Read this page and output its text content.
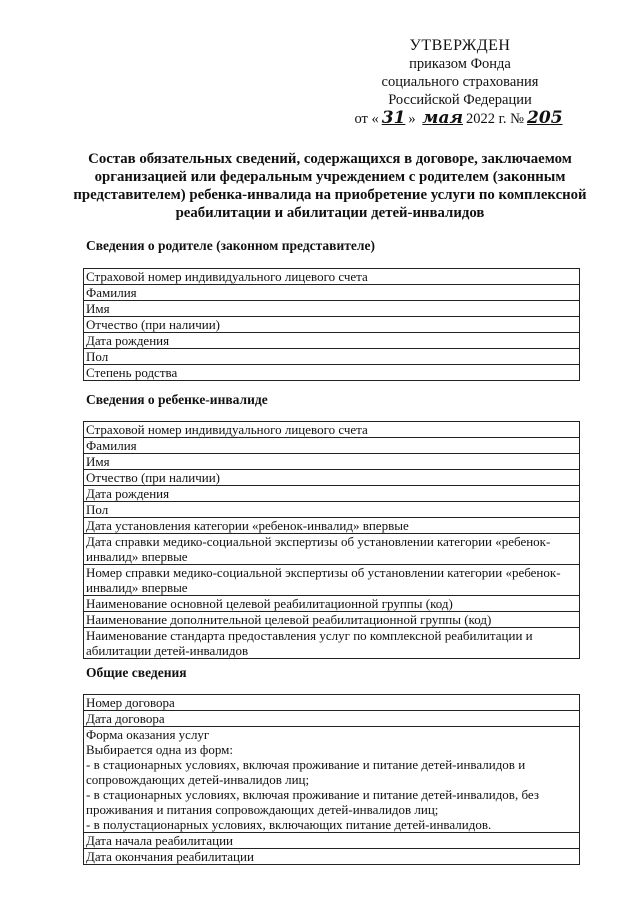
УТВЕРЖДЕН
приказом Фонда
социального страхования
Российской Федерации
от « 31 » мая 2022 г. № 205
Состав обязательных сведений, содержащихся в договоре, заключаемом организацией или федеральным учреждением с родителем (законным представителем) ребенка-инвалида на приобретение услуги по комплексной реабилитации и абилитации детей-инвалидов
Сведения о родителе (законном представителе)
Страховой номер индивидуального лицевого счета
Фамилия
Имя
Отчество (при наличии)
Дата рождения
Пол
Степень родства
Сведения о ребенке-инвалиде
Страховой номер индивидуального лицевого счета
Фамилия
Имя
Отчество (при наличии)
Дата рождения
Пол
Дата установления категории «ребенок-инвалид» впервые
Дата справки медико-социальной экспертизы об установлении категории «ребенок-инвалид» впервые
Номер справки медико-социальной экспертизы об установлении категории «ребенок-инвалид» впервые
Наименование основной целевой реабилитационной группы (код)
Наименование дополнительной целевой реабилитационной группы (код)
Наименование стандарта предоставления услуг по комплексной реабилитации и абилитации детей-инвалидов
Общие сведения
Номер договора
Дата договора
Форма оказания услуг
Выбирается одна из форм:
- в стационарных условиях, включая проживание и питание детей-инвалидов и сопровождающих детей-инвалидов лиц;
- в стационарных условиях, включая проживание и питание детей-инвалидов, без проживания и питания сопровождающих детей-инвалидов лиц;
- в полустационарных условиях, включающих питание детей-инвалидов.
Дата начала реабилитации
Дата окончания реабилитации
